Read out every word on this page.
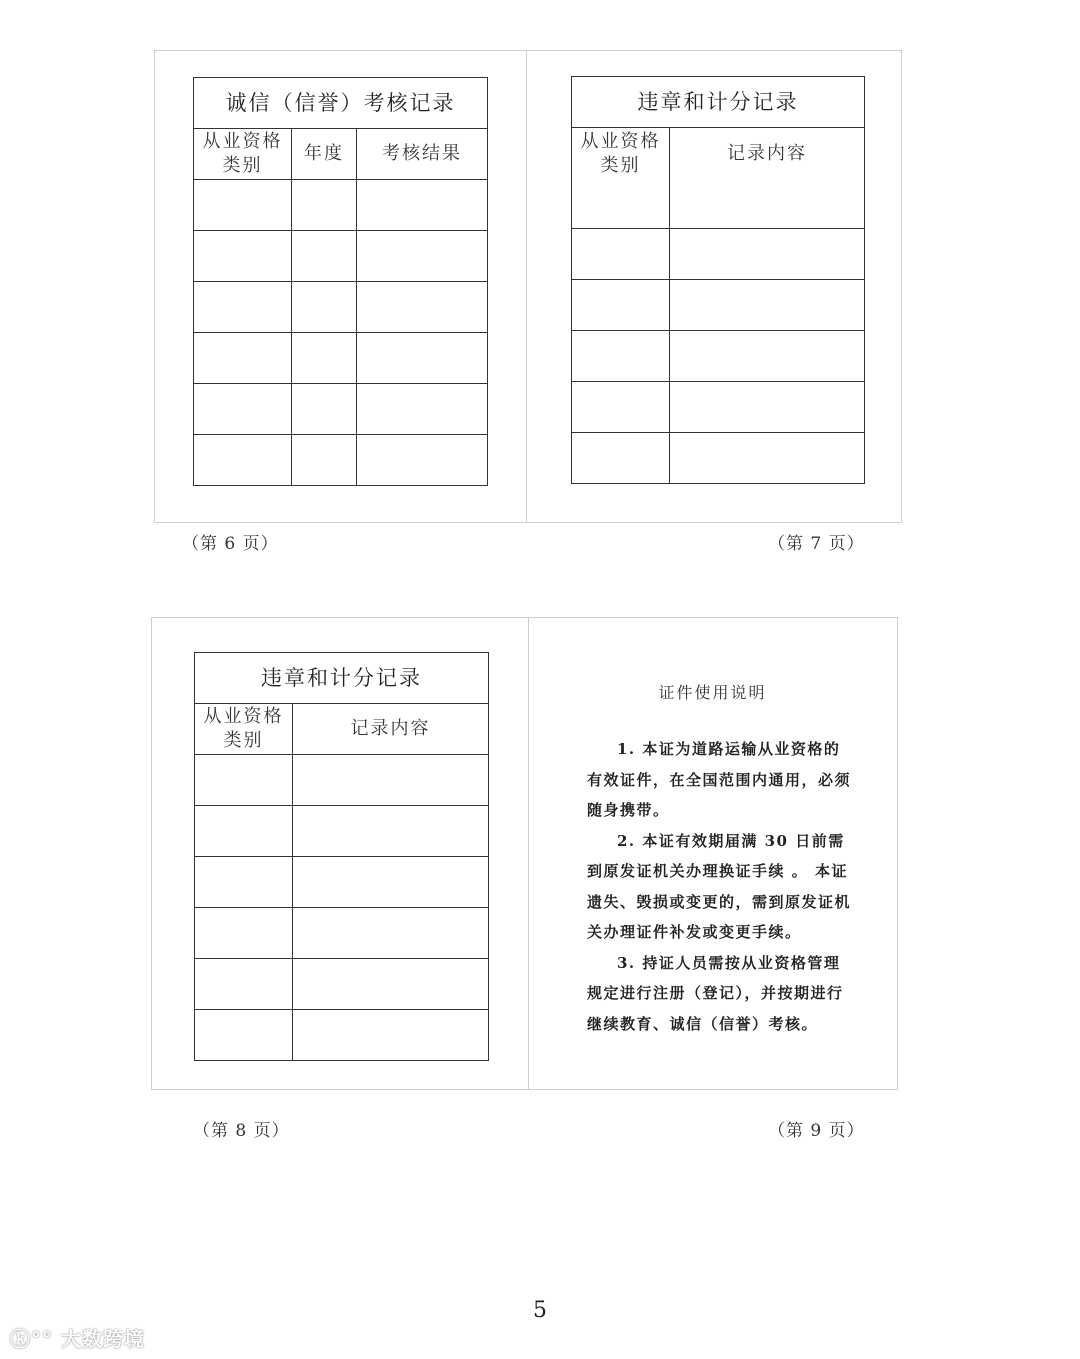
诚信（信誉）考核记录		
从业资格类别	年度	考核结果

违章和计分记录	
从业资格类别	记录内容

（第 6 页）	（第 7 页）
违章和计分记录	
从业资格类别	记录内容

证件使用说明

1. 本证为道路运输从业资格的有效证件，在全国范围内通用，必须随身携带。

2. 本证有效期届满 30 日前需到原发证机关办理换证手续 。 本证遗失、毁损或变更的，需到原发证机关办理证件补发或变更手续。

3. 持证人员需按从业资格管理规定进行注册（登记），并按期进行继续教育、诚信（信誉）考核。

（第 8 页）	（第 9 页）
5
ⓚ°° 大数跨境
